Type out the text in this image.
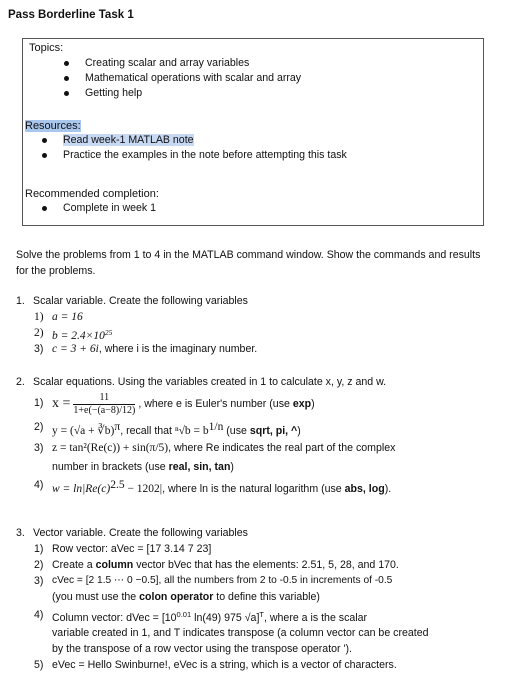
Pass Borderline Task 1
Topics:
Creating scalar and array variables
Mathematical operations with scalar and array
Getting help
Resources:
Read week-1 MATLAB note
Practice the examples in the note before attempting this task
Recommended completion:
Complete in week 1
Solve the problems from 1 to 4 in the MATLAB command window. Show the commands and results for the problems.
1. Scalar variable. Create the following variables
1) a = 16
2) $b = 2.4\times 10^{25}$
3) c = 3 + 6i, where i is the imaginary number.
2. Scalar equations. Using the variables created in 1 to calculate x, y, z and w.
1) $x = \frac{11}{1+e(-(a-8)/12)}$ , where e is Euler's number (use exp)
2) y = (√a + ∛b)$^\pi$, recall that $^n√b = b^{1/n}$ (use sqrt, pi, ^)
3) z = tan²(Re(c)) + sin(π/5), where Re indicates the real part of the complex
number in brackets (use real, sin, tan)
4) $w = \ln|Re(c)^{2.5} - 1202|$, where ln is the natural logarithm (use abs, log).
3. Vector variable. Create the following variables
1) Row vector: aVec = [17 3.14 7 23]
2) Create a column vector bVec that has the elements: 2.51, 5, 28, and 170.
3) cVec = [2 1.5 ⋯ 0 −0.5], all the numbers from 2 to -0.5 in increments of -0.5
(you must use the colon operator to define this variable)
4) Column vector: dVec = [$10^{0.01}$ ln(49) 975 √a]$^T$, where a is the scalar
variable created in 1, and T indicates transpose (a column vector can be created
by the transpose of a row vector using the transpose operator ').
5) eVec = Hello Swinburne!, eVec is a string, which is a vector of characters.
